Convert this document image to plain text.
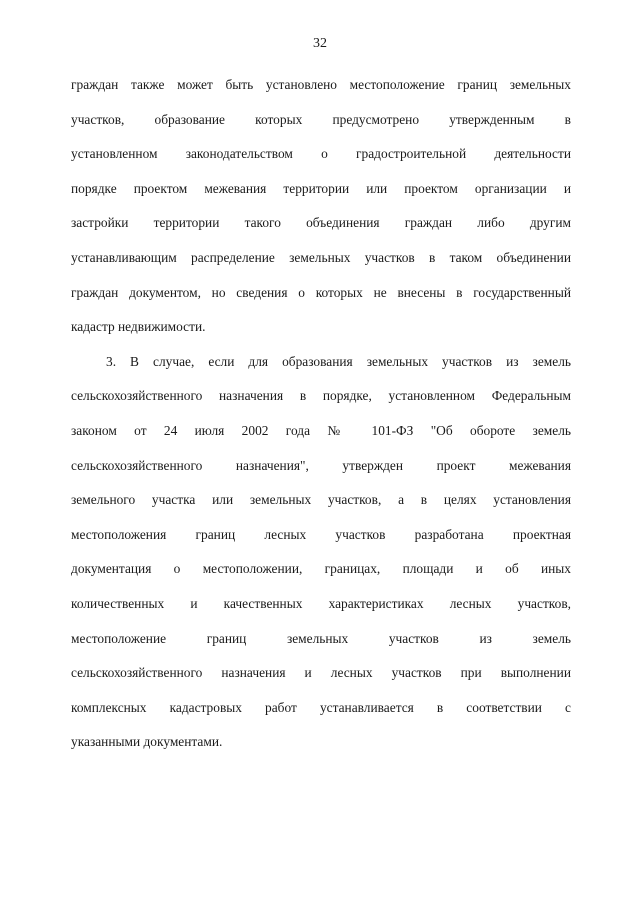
32
граждан также может быть установлено местоположение границ земельных
участков, образование которых предусмотрено утвержденным в
установленном законодательством о градостроительной деятельности
порядке проектом межевания территории или проектом организации и
застройки территории такого объединения граждан либо другим
устанавливающим распределение земельных участков в таком объединении
граждан документом, но сведения о которых не внесены в государственный
кадастр недвижимости.
3. В случае, если для образования земельных участков из земель
сельскохозяйственного назначения в порядке, установленном Федеральным
законом от 24 июля 2002 года № 101-ФЗ "Об обороте земель
сельскохозяйственного назначения", утвержден проект межевания
земельного участка или земельных участков, а в целях установления
местоположения границ лесных участков разработана проектная
документация о местоположении, границах, площади и об иных
количественных и качественных характеристиках лесных участков,
местоположение границ земельных участков из земель
сельскохозяйственного назначения и лесных участков при выполнении
комплексных кадастровых работ устанавливается в соответствии с
указанными документами.
